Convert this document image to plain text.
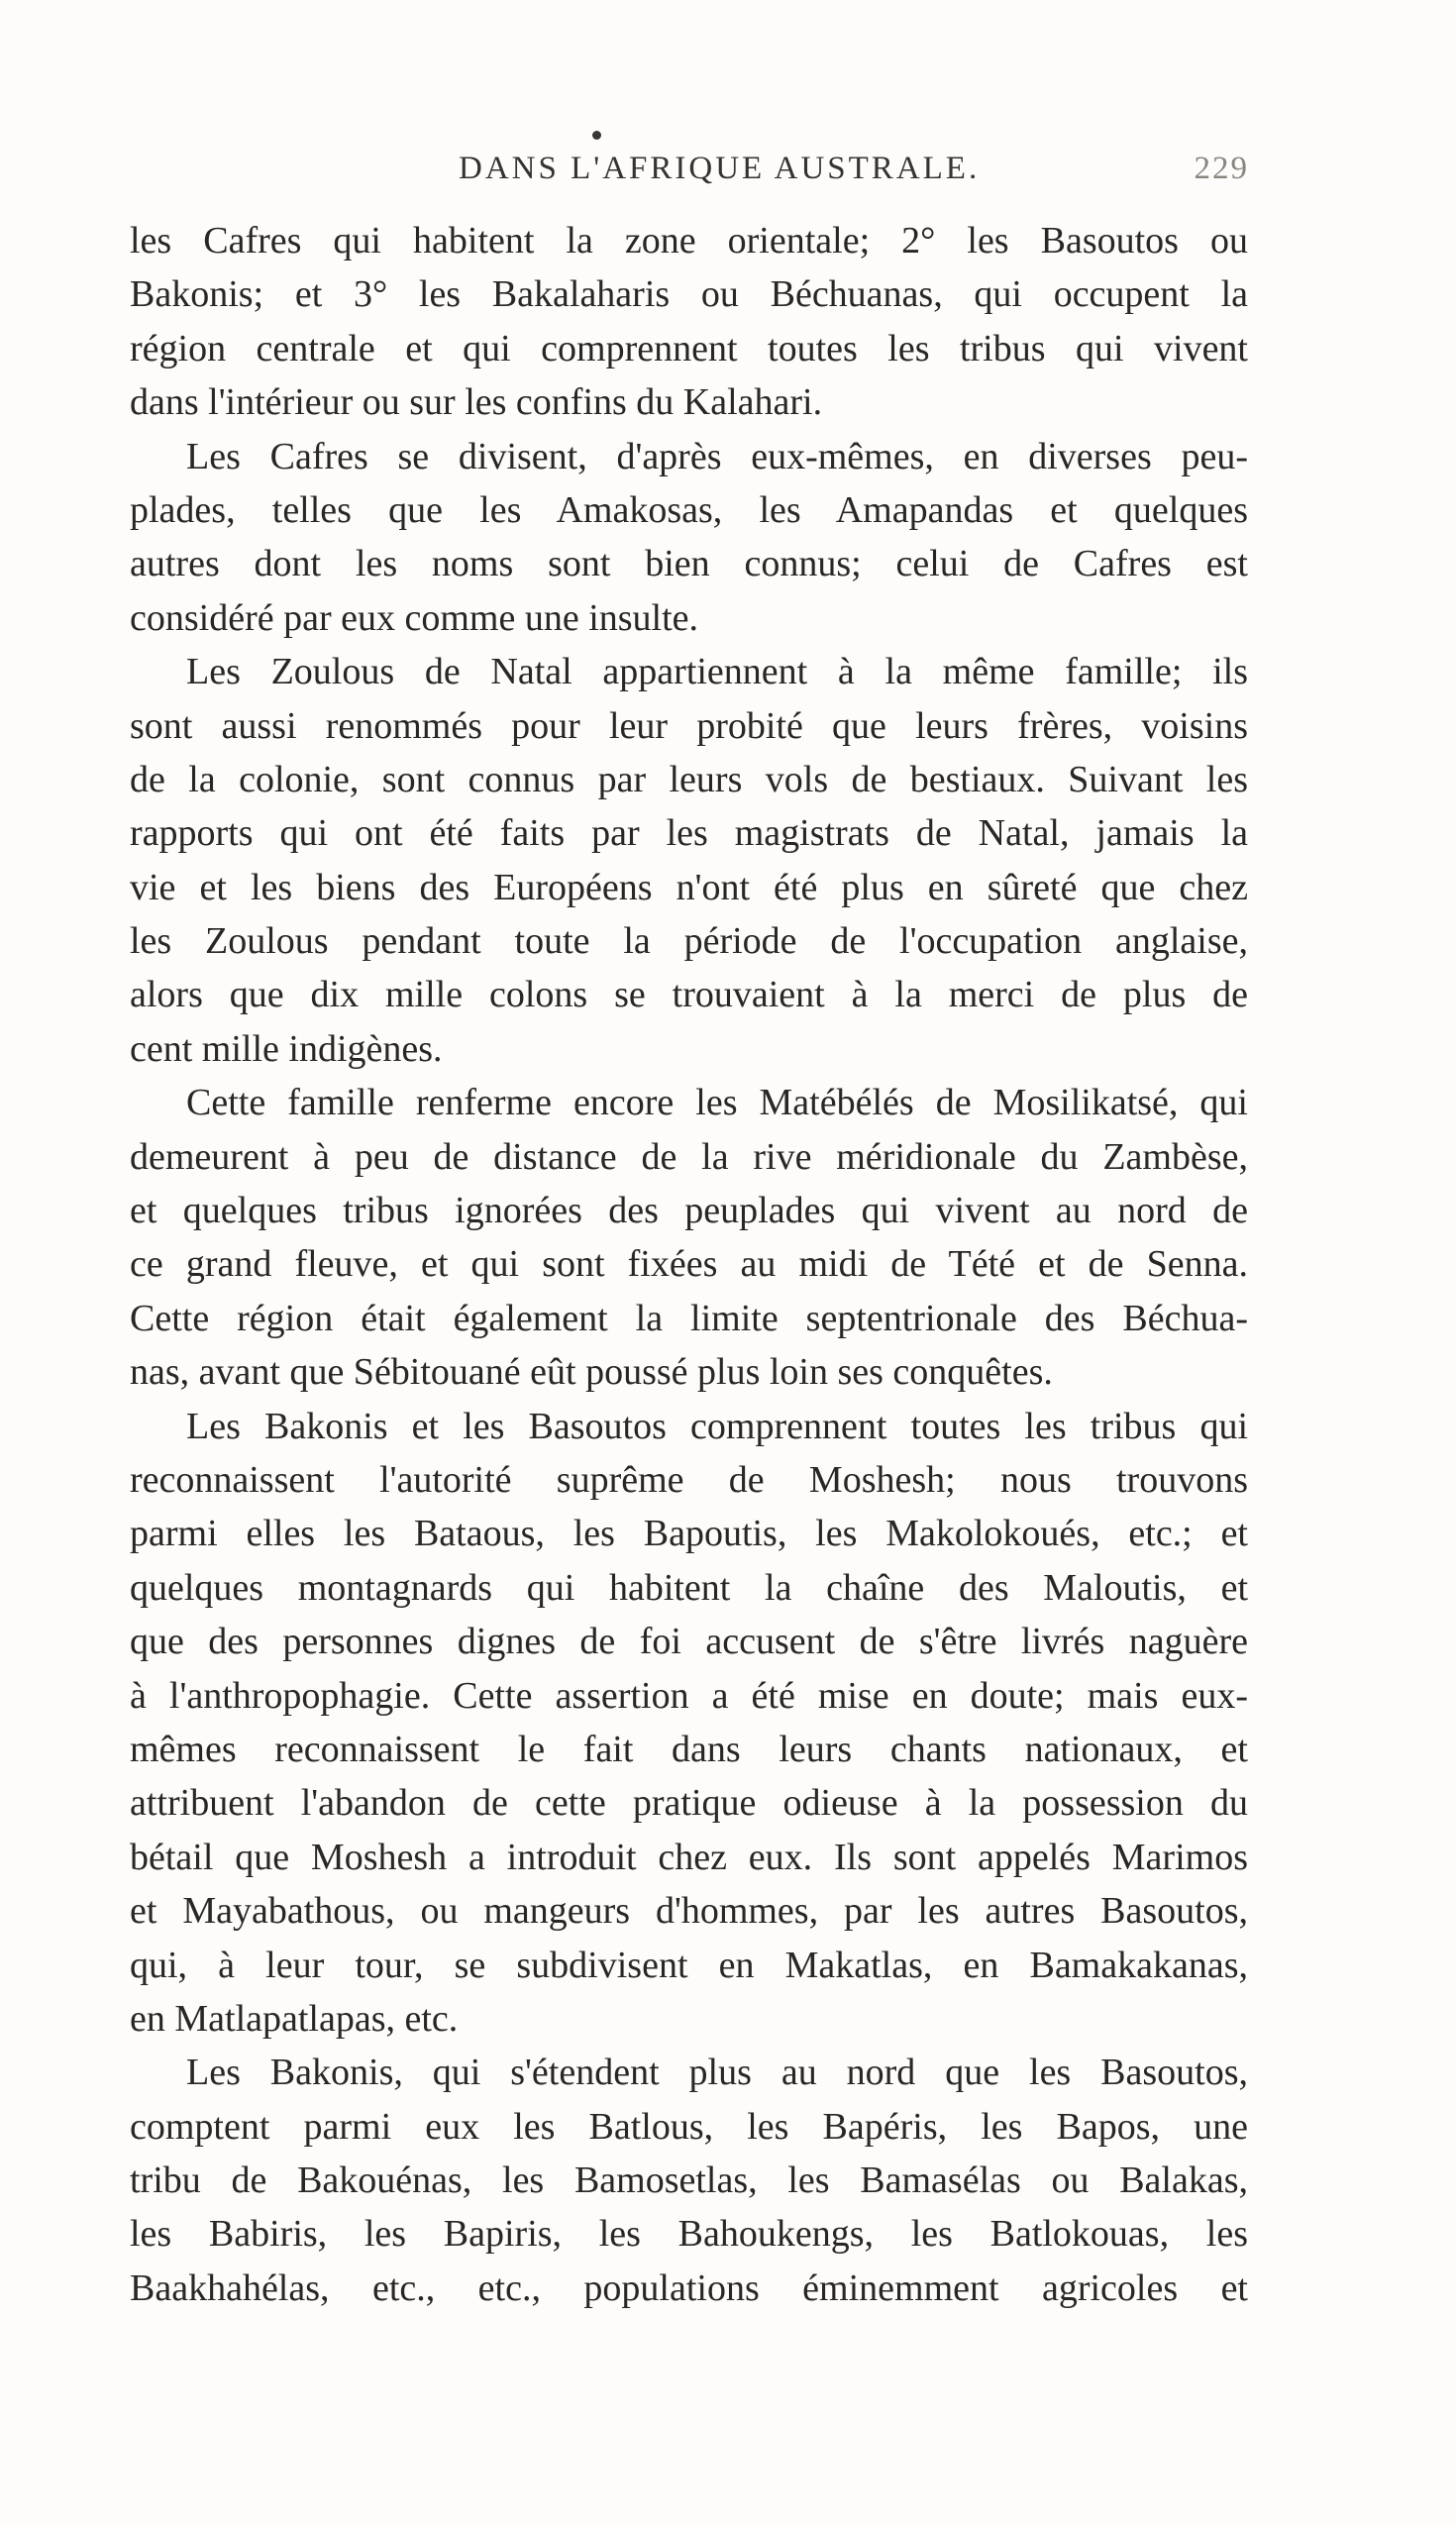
DANS L'AFRIQUE AUSTRALE.	229
les Cafres qui habitent la zone orientale; 2° les Basoutos ou
Bakonis; et 3° les Bakalaharis ou Béchuanas, qui occupent la
région centrale et qui comprennent toutes les tribus qui vivent
dans l'intérieur ou sur les confins du Kalahari.
Les Cafres se divisent, d'après eux-mêmes, en diverses peu-
plades, telles que les Amakosas, les Amapandas et quelques
autres dont les noms sont bien connus; celui de Cafres est
considéré par eux comme une insulte.
Les Zoulous de Natal appartiennent à la même famille; ils
sont aussi renommés pour leur probité que leurs frères, voisins
de la colonie, sont connus par leurs vols de bestiaux. Suivant les
rapports qui ont été faits par les magistrats de Natal, jamais la
vie et les biens des Européens n'ont été plus en sûreté que chez
les Zoulous pendant toute la période de l'occupation anglaise,
alors que dix mille colons se trouvaient à la merci de plus de
cent mille indigènes.
Cette famille renferme encore les Matébélés de Mosilikatsé, qui
demeurent à peu de distance de la rive méridionale du Zambèse,
et quelques tribus ignorées des peuplades qui vivent au nord de
ce grand fleuve, et qui sont fixées au midi de Tété et de Senna.
Cette région était également la limite septentrionale des Béchua-
nas, avant que Sébitouané eût poussé plus loin ses conquêtes.
Les Bakonis et les Basoutos comprennent toutes les tribus qui
reconnaissent l'autorité suprême de Moshesh; nous trouvons
parmi elles les Bataous, les Bapoutis, les Makolokoués, etc.; et
quelques montagnards qui habitent la chaîne des Maloutis, et
que des personnes dignes de foi accusent de s'être livrés naguère
à l'anthropophagie. Cette assertion a été mise en doute; mais eux-
mêmes reconnaissent le fait dans leurs chants nationaux, et
attribuent l'abandon de cette pratique odieuse à la possession du
bétail que Moshesh a introduit chez eux. Ils sont appelés Marimos
et Mayabathous, ou mangeurs d'hommes, par les autres Basoutos,
qui, à leur tour, se subdivisent en Makatlas, en Bamakakanas,
en Matlapatlapas, etc.
Les Bakonis, qui s'étendent plus au nord que les Basoutos,
comptent parmi eux les Batlous, les Bapéris, les Bapos, une
tribu de Bakouénas, les Bamosetlas, les Bamasélas ou Balakas,
les Babiris, les Bapiris, les Bahoukengs, les Batlokouas, les
Baakhahélas, etc., etc., populations éminemment agricoles et
